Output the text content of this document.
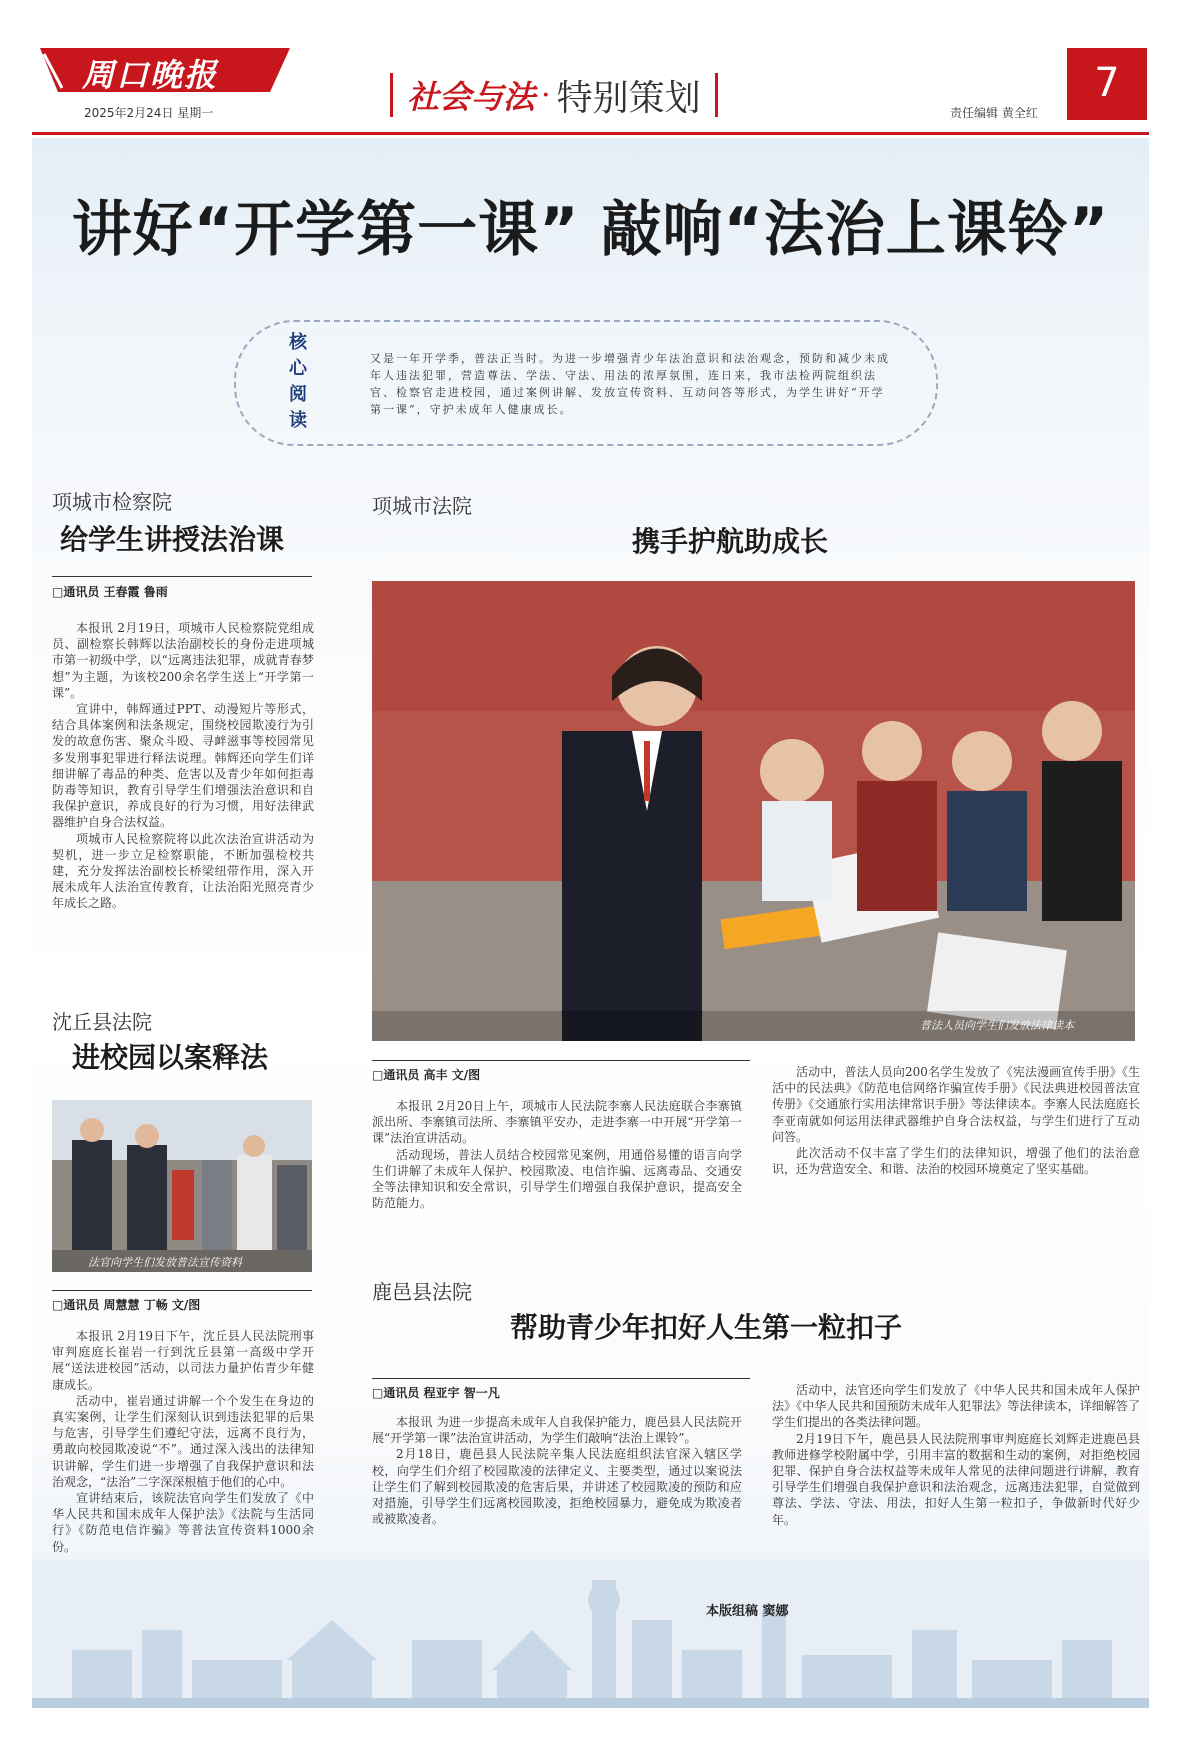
周口晚报
2025年2月24日 星期一	社会与法 · 特别策划	责任编辑 黄全红
7
讲好“开学第一课” 敲响“法治上课铃”
核
心
阅
读
又是一年开学季，普法正当时。为进一步增强青少年法治意识和法治观念，预防和减少未成年人违法犯罪，营造尊法、学法、守法、用法的浓厚氛围，连日来，我市法检两院组织法官、检察官走进校园，通过案例讲解、发放宣传资料、互动问答等形式，为学生讲好“开学第一课”，守护未成年人健康成长。
项城市检察院
给学生讲授法治课
□通讯员 王春霞 鲁雨

本报讯 2月19日，项城市人民检察院党组成员、副检察长韩辉以法治副校长的身份走进项城市第一初级中学，以“远离违法犯罪，成就青春梦想”为主题，为该校200余名学生送上“开学第一课”。

宣讲中，韩辉通过PPT、动漫短片等形式，结合具体案例和法条规定，围绕校园欺凌行为引发的故意伤害、聚众斗殴、寻衅滋事等校园常见多发刑事犯罪进行释法说理。韩辉还向学生们详细讲解了毒品的种类、危害以及青少年如何拒毒防毒等知识，教育引导学生们增强法治意识和自我保护意识，养成良好的行为习惯，用好法律武器维护自身合法权益。

项城市人民检察院将以此次法治宣讲活动为契机，进一步立足检察职能，不断加强检校共建，充分发挥法治副校长桥梁纽带作用，深入开展未成年人法治宣传教育，让法治阳光照亮青少年成长之路。

沈丘县法院
进校园以案释法
法官向学生们发放普法宣传资料
□通讯员 周慧慧 丁畅 文/图

本报讯 2月19日下午，沈丘县人民法院刑事审判庭庭长崔岩一行到沈丘县第一高级中学开展“送法进校园”活动，以司法力量护佑青少年健康成长。

活动中，崔岩通过讲解一个个发生在身边的真实案例，让学生们深刻认识到违法犯罪的后果与危害，引导学生们遵纪守法，远离不良行为，勇敢向校园欺凌说“不”。通过深入浅出的法律知识讲解，学生们进一步增强了自我保护意识和法治观念，“法治”二字深深根植于他们的心中。

宣讲结束后，该院法官向学生们发放了《中华人民共和国未成年人保护法》《法院与生活同行》《防范电信诈骗》等普法宣传资料1000余份。

项城市法院
携手护航助成长
普法人员向学生们发放法律读本
□通讯员 高丰 文/图

本报讯 2月20日上午，项城市人民法院李寨人民法庭联合李寨镇派出所、李寨镇司法所、李寨镇平安办，走进李寨一中开展“开学第一课”法治宣讲活动。

活动现场，普法人员结合校园常见案例，用通俗易懂的语言向学生们讲解了未成年人保护、校园欺凌、电信诈骗、远离毒品、交通安全等法律知识和安全常识，引导学生们增强自我保护意识，提高安全防范能力。

活动中，普法人员向200名学生发放了《宪法漫画宣传手册》《生活中的民法典》《防范电信网络诈骗宣传手册》《民法典进校园普法宣传册》《交通旅行实用法律常识手册》等法律读本。李寨人民法庭庭长李亚南就如何运用法律武器维护自身合法权益，与学生们进行了互动问答。

此次活动不仅丰富了学生们的法律知识，增强了他们的法治意识，还为营造安全、和谐、法治的校园环境奠定了坚实基础。

鹿邑县法院
帮助青少年扣好人生第一粒扣子
□通讯员 程亚宇 智一凡

本报讯 为进一步提高未成年人自我保护能力，鹿邑县人民法院开展“开学第一课”法治宣讲活动，为学生们敲响“法治上课铃”。

2月18日，鹿邑县人民法院辛集人民法庭组织法官深入辖区学校，向学生们介绍了校园欺凌的法律定义、主要类型，通过以案说法让学生们了解到校园欺凌的危害后果，并讲述了校园欺凌的预防和应对措施，引导学生们远离校园欺凌，拒绝校园暴力，避免成为欺凌者或被欺凌者。

活动中，法官还向学生们发放了《中华人民共和国未成年人保护法》《中华人民共和国预防未成年人犯罪法》等法律读本，详细解答了学生们提出的各类法律问题。

2月19日下午，鹿邑县人民法院刑事审判庭庭长刘辉走进鹿邑县教师进修学校附属中学，引用丰富的数据和生动的案例，对拒绝校园犯罪、保护自身合法权益等未成年人常见的法律问题进行讲解，教育引导学生们增强自我保护意识和法治观念，远离违法犯罪，自觉做到尊法、学法、守法、用法，扣好人生第一粒扣子，争做新时代好少年。

本版组稿 窦娜
